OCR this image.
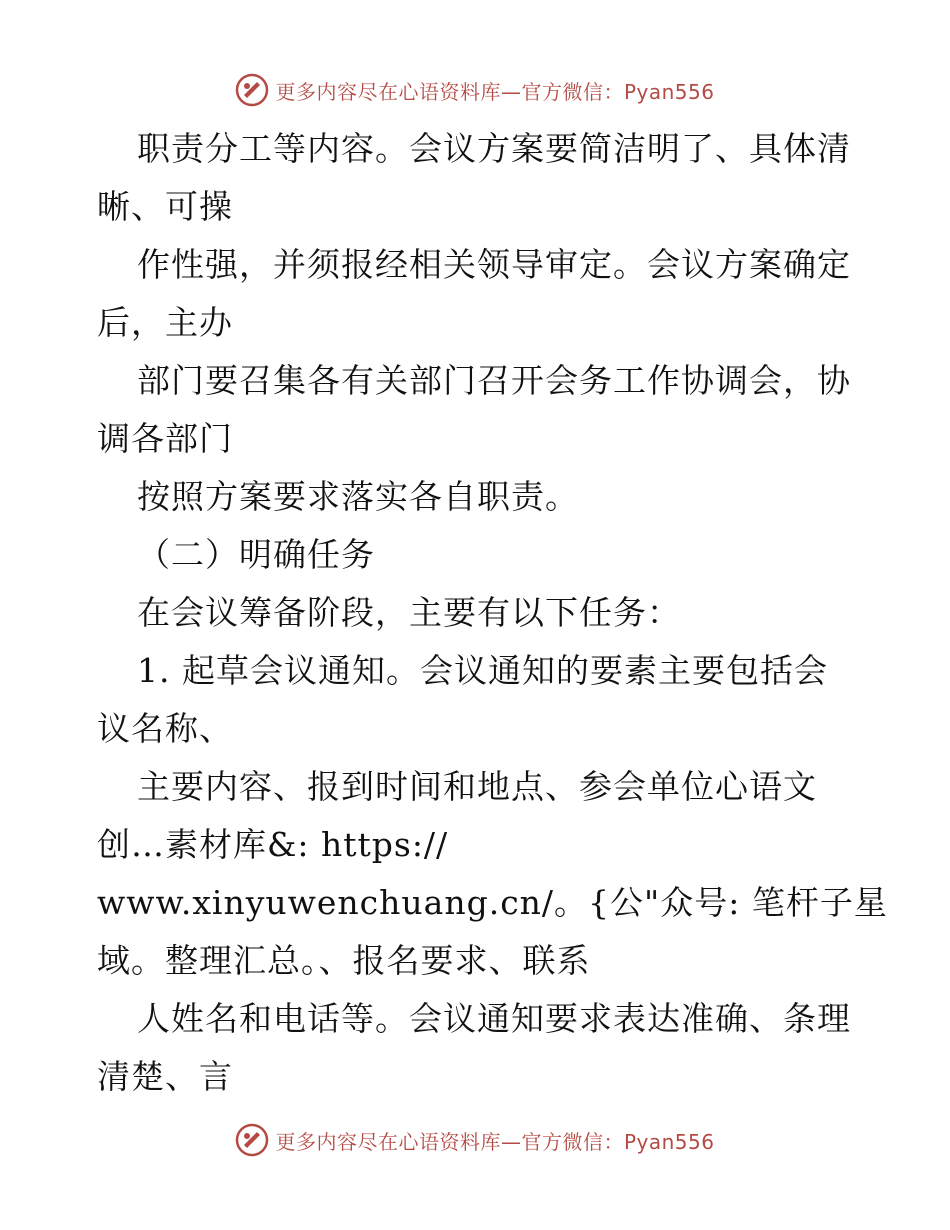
更多内容尽在心语资料库—官方微信：Pyan556
职责分工等内容。会议方案要简洁明了、具体清
晰、可操
作性强，并须报经相关领导审定。会议方案确定
后，主办
部门要召集各有关部门召开会务工作协调会，协
调各部门
按照方案要求落实各自职责。
（二）明确任务
在会议筹备阶段，主要有以下任务：
1. 起草会议通知。会议通知的要素主要包括会
议名称、
主要内容、报到时间和地点、参会单位心语文
创…素材库&: https://
www.xinyuwenchuang.cn/。{公"众号: 笔杆子星
域。整理汇总。、报名要求、联系
人姓名和电话等。会议通知要求表达准确、条理
清楚、言
更多内容尽在心语资料库—官方微信：Pyan556
